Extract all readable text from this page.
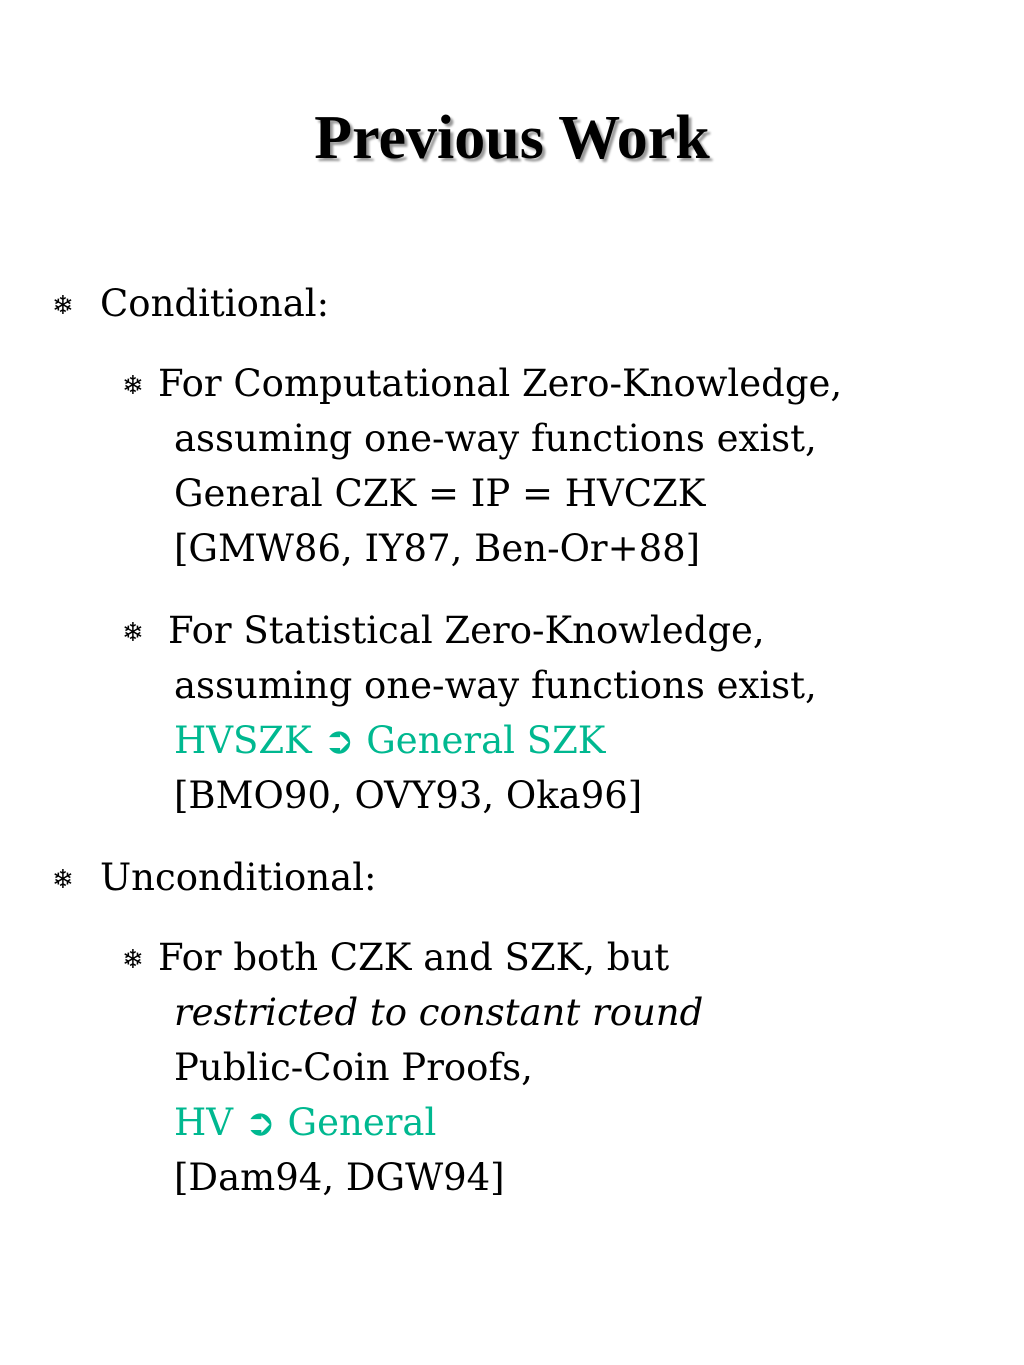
Previous Work
❄ Conditional:
❄ For Computational Zero-Knowledge,
assuming one-way functions exist,
General CZK = IP = HVCZK
[GMW86, IY87, Ben-Or+88]
❄ For Statistical Zero-Knowledge,
assuming one-way functions exist,
HVSZK ➲ General SZK
[BMO90, OVY93, Oka96]
❄ Unconditional:
❄ For both CZK and SZK, but
restricted to constant round
Public-Coin Proofs,
HV ➲ General
[Dam94, DGW94]
